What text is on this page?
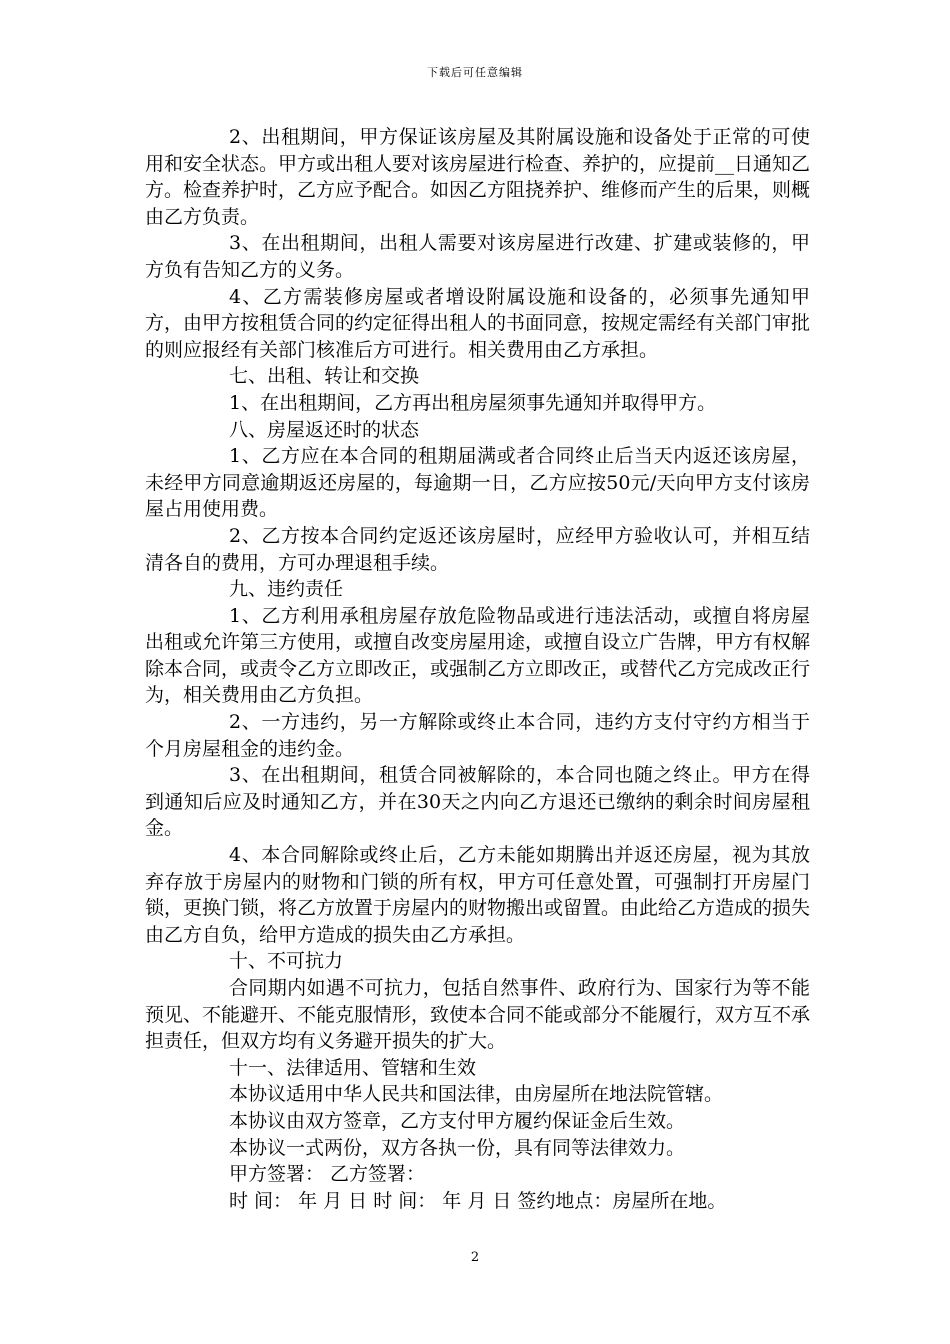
下载后可任意编辑

2、出租期间，甲方保证该房屋及其附属设施和设备处于正常的可使用和安全状态。甲方或出租人要对该房屋进行检查、养护的，应提前__日通知乙方。检查养护时，乙方应予配合。如因乙方阻挠养护、维修而产生的后果，则概由乙方负责。

3、在出租期间，出租人需要对该房屋进行改建、扩建或装修的，甲方负有告知乙方的义务。

4、乙方需装修房屋或者增设附属设施和设备的，必须事先通知甲方，由甲方按租赁合同的约定征得出租人的书面同意，按规定需经有关部门审批的则应报经有关部门核准后方可进行。相关费用由乙方承担。

七、出租、转让和交换

1、在出租期间，乙方再出租房屋须事先通知并取得甲方。

八、房屋返还时的状态

1、乙方应在本合同的租期届满或者合同终止后当天内返还该房屋，未经甲方同意逾期返还房屋的，每逾期一日，乙方应按50元/天向甲方支付该房屋占用使用费。

2、乙方按本合同约定返还该房屋时，应经甲方验收认可，并相互结清各自的费用，方可办理退租手续。

九、违约责任

1、乙方利用承租房屋存放危险物品或进行违法活动，或擅自将房屋出租或允许第三方使用，或擅自改变房屋用途，或擅自设立广告牌，甲方有权解除本合同，或责令乙方立即改正，或强制乙方立即改正，或替代乙方完成改正行为，相关费用由乙方负担。

2、一方违约，另一方解除或终止本合同，违约方支付守约方相当于个月房屋租金的违约金。

3、在出租期间，租赁合同被解除的，本合同也随之终止。甲方在得到通知后应及时通知乙方，并在30天之内向乙方退还已缴纳的剩余时间房屋租金。

4、本合同解除或终止后，乙方未能如期腾出并返还房屋，视为其放弃存放于房屋内的财物和门锁的所有权，甲方可任意处置，可强制打开房屋门锁，更换门锁，将乙方放置于房屋内的财物搬出或留置。由此给乙方造成的损失由乙方自负，给甲方造成的损失由乙方承担。

十、不可抗力

合同期内如遇不可抗力，包括自然事件、政府行为、国家行为等不能预见、不能避开、不能克服情形，致使本合同不能或部分不能履行，双方互不承担责任，但双方均有义务避开损失的扩大。

十一、法律适用、管辖和生效

本协议适用中华人民共和国法律，由房屋所在地法院管辖。

本协议由双方签章，乙方支付甲方履约保证金后生效。

本协议一式两份，双方各执一份，具有同等法律效力。

甲方签署： 乙方签署：

时 间： 年 月 日 时 间： 年 月 日 签约地点：房屋所在地。

2
